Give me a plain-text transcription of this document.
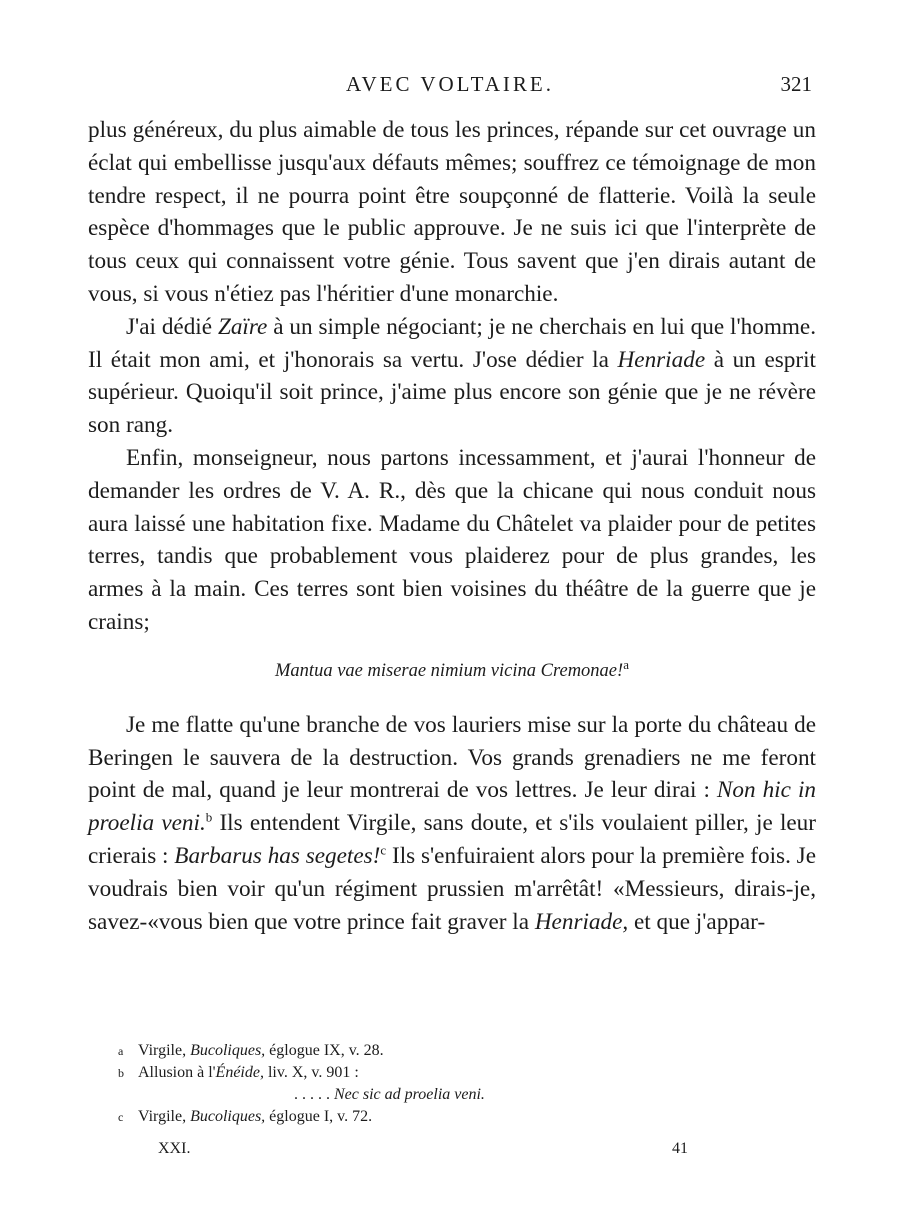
AVEC VOLTAIRE.	321

plus généreux, du plus aimable de tous les princes, répande sur cet ouvrage un éclat qui embellisse jusqu'aux défauts mêmes; souffrez ce témoignage de mon tendre respect, il ne pourra point être soupçonné de flatterie. Voilà la seule espèce d'hommages que le public approuve. Je ne suis ici que l'interprète de tous ceux qui connaissent votre génie. Tous savent que j'en dirais autant de vous, si vous n'étiez pas l'héritier d'une monarchie.

J'ai dédié Zaïre à un simple négociant; je ne cherchais en lui que l'homme. Il était mon ami, et j'honorais sa vertu. J'ose dédier la Henriade à un esprit supérieur. Quoiqu'il soit prince, j'aime plus encore son génie que je ne révère son rang.

Enfin, monseigneur, nous partons incessamment, et j'aurai l'honneur de demander les ordres de V. A. R., dès que la chicane qui nous conduit nous aura laissé une habitation fixe. Madame du Châtelet va plaider pour de petites terres, tandis que probablement vous plaiderez pour de plus grandes, les armes à la main. Ces terres sont bien voisines du théâtre de la guerre que je crains;

Mantua vae miserae nimium vicina Cremonae!$^a$

Je me flatte qu'une branche de vos lauriers mise sur la porte du château de Beringen le sauvera de la destruction. Vos grands grenadiers ne me feront point de mal, quand je leur montrerai de vos lettres. Je leur dirai : Non hic in proelia veni.$^b$ Ils entendent Virgile, sans doute, et s'ils voulaient piller, je leur crierais : Barbarus has segetes!$^c$ Ils s'enfuiraient alors pour la première fois. Je voudrais bien voir qu'un régiment prussien m'arrêtât! «Messieurs, dirais-je, savez-«vous bien que votre prince fait graver la Henriade, et que j'appar-

a Virgile, Bucoliques, églogue IX, v. 28.

b Allusion à l'Énéide, liv. X, v. 901 :

. . . . . Nec sic ad proelia veni.

c Virgile, Bucoliques, églogue I, v. 72.

XXI.	41
